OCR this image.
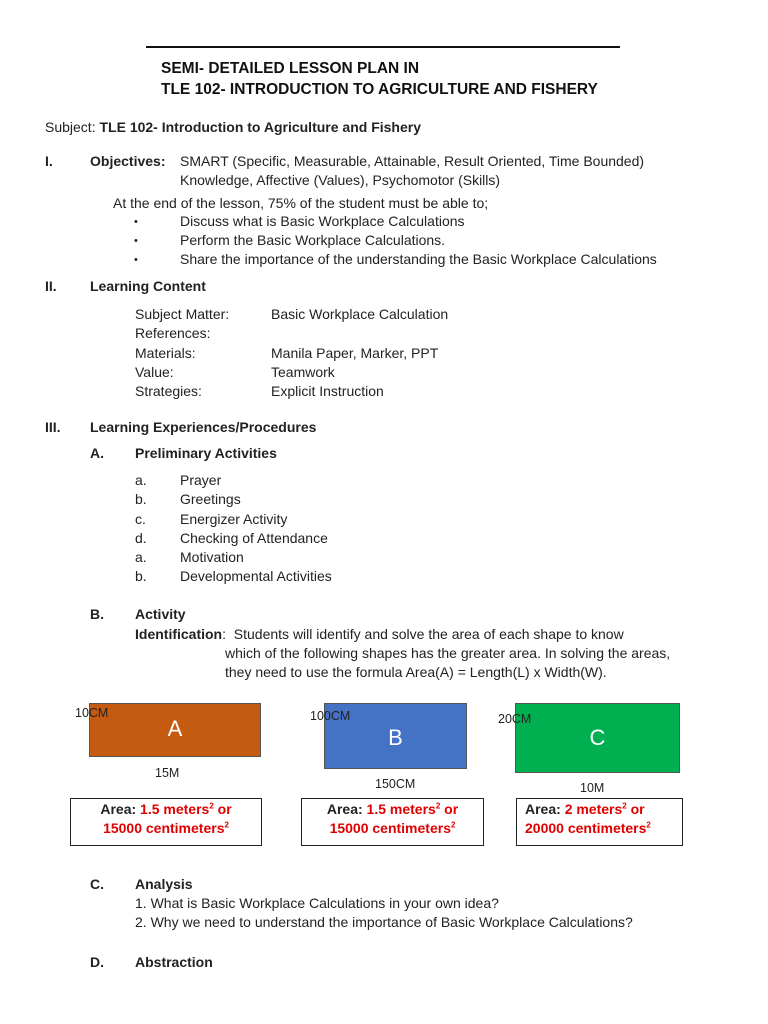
SEMI- DETAILED LESSON PLAN IN
TLE 102- INTRODUCTION TO AGRICULTURE AND FISHERY
Subject: TLE 102- Introduction to Agriculture and Fishery
I.	Objectives: SMART (Specific, Measurable, Attainable, Result Oriented, Time Bounded)
Knowledge, Affective (Values), Psychomotor (Skills)
At the end of the lesson, 75% of the student must be able to;
•	Discuss what is Basic Workplace Calculations
•	Perform the Basic Workplace Calculations.
•	Share the importance of the understanding the Basic Workplace Calculations
II. Learning Content
Subject Matter:	Basic Workplace Calculation
References:
Materials:	Manila Paper, Marker, PPT
Value:	Teamwork
Strategies:	Explicit Instruction
III. Learning Experiences/Procedures
A. Preliminary Activities
a. Prayer
b. Greetings
c. Energizer Activity
d. Checking of Attendance
a. Motivation
b. Developmental Activities
B. Activity
Identification: Students will identify and solve the area of each shape to know
which of the following shapes has the greater area. In solving the areas,
they need to use the formula Area(A) = Length(L) x Width(W).
A
10CM
15M
Area: 1.5 meters$^2$ or
15000 centimeters$^2$
B
100CM
150CM
Area: 1.5 meters$^2$ or
15000 centimeters$^2$
C
20CM
10M
Area: 2 meters$^2$ or
20000 centimeters$^2$
C. Analysis
1. What is Basic Workplace Calculations in your own idea?
2. Why we need to understand the importance of Basic Workplace Calculations?
D. Abstraction
